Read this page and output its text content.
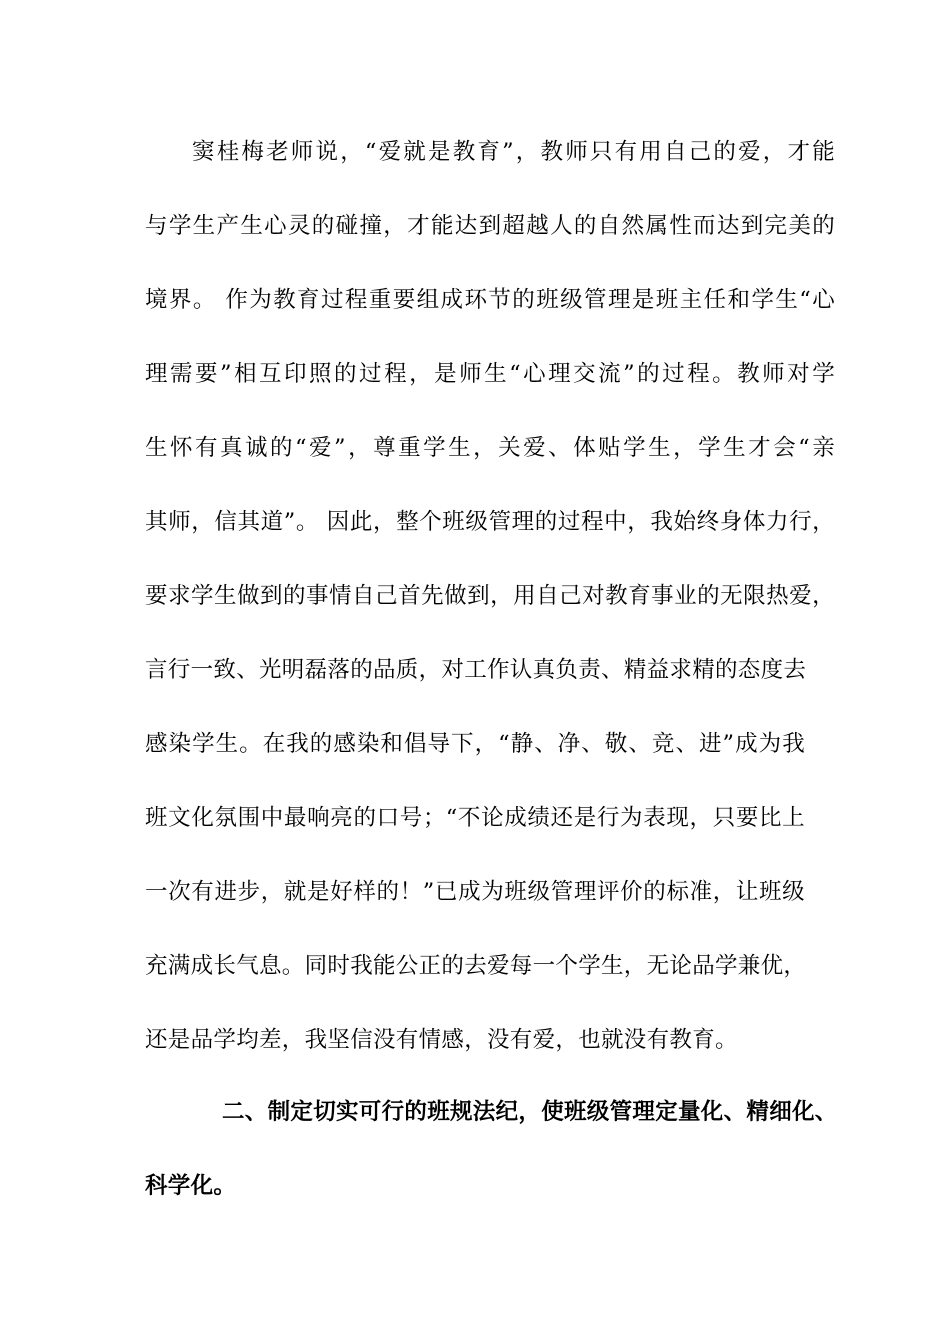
窦桂梅老师说，“爱就是教育”，教师只有用自己的爱，才能
与学生产生心灵的碰撞，才能达到超越人的自然属性而达到完美的
境界。 作为教育过程重要组成环节的班级管理是班主任和学生“心
理需要”相互印照的过程，是师生“心理交流”的过程。教师对学
生怀有真诚的“爱”，尊重学生，关爱、体贴学生，学生才会“亲
其师，信其道”。 因此，整个班级管理的过程中，我始终身体力行，
要求学生做到的事情自己首先做到，用自己对教育事业的无限热爱，
言行一致、光明磊落的品质，对工作认真负责、精益求精的态度去
感染学生。在我的感染和倡导下，“静、净、敬、竞、进”成为我
班文化氛围中最响亮的口号；“不论成绩还是行为表现，只要比上
一次有进步，就是好样的！”已成为班级管理评价的标准，让班级
充满成长气息。同时我能公正的去爱每一个学生，无论品学兼优，
还是品学均差，我坚信没有情感，没有爱，也就没有教育。
二、制定切实可行的班规法纪，使班级管理定量化、精细化、
科学化。
